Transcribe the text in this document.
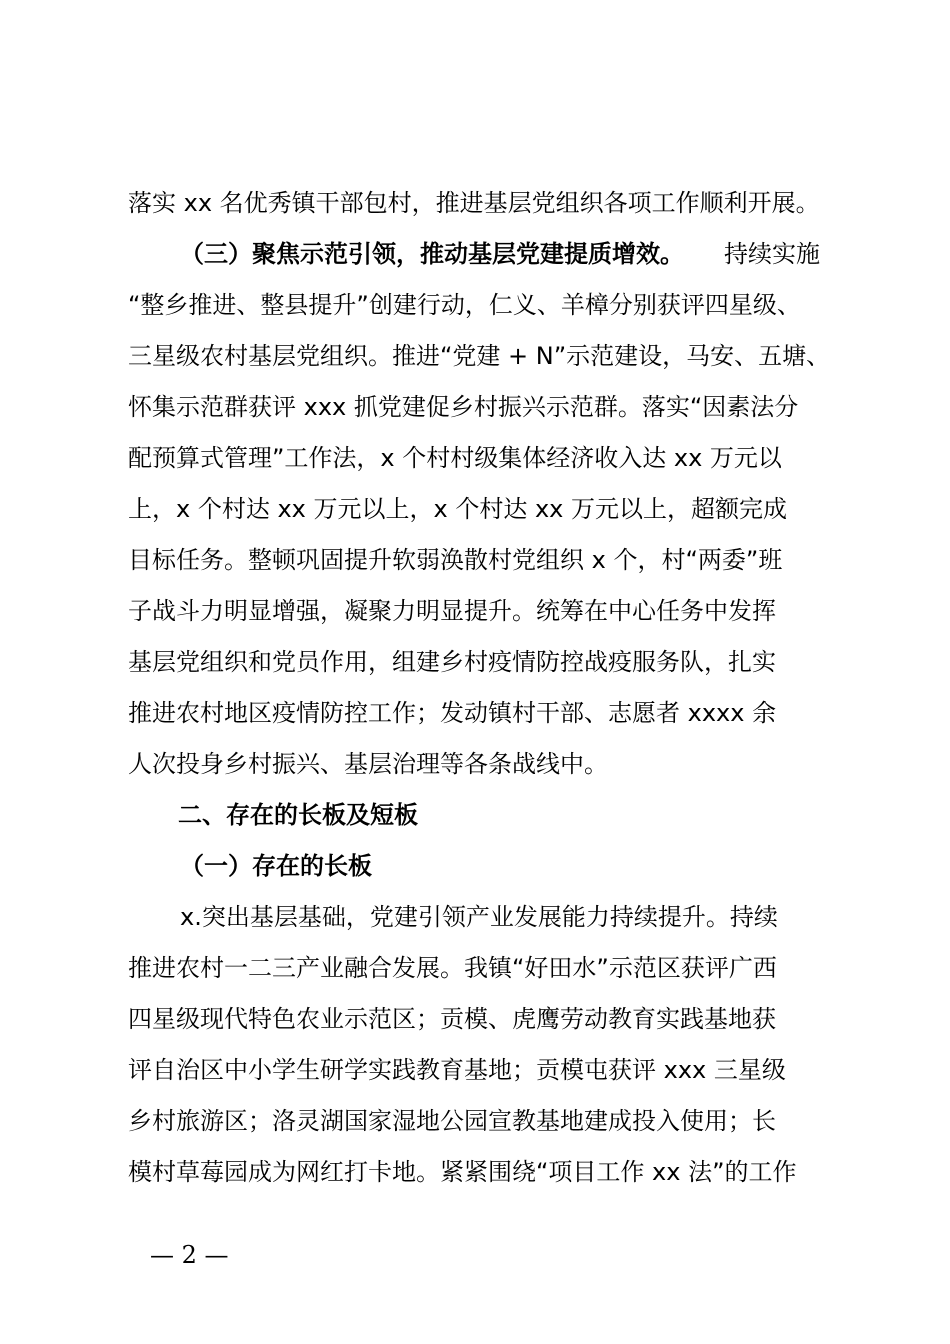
落实 xx 名优秀镇干部包村，推进基层党组织各项工作顺利开展。
（三）聚焦示范引领，推动基层党建提质增效。 持续实施
“整乡推进、整县提升”创建行动，仁义、羊樟分别获评四星级、
三星级农村基层党组织。推进“党建 + N”示范建设，马安、五塘、
怀集示范群获评 xxx 抓党建促乡村振兴示范群。落实“因素法分
配预算式管理”工作法，x 个村村级集体经济收入达 xx 万元以
上，x 个村达 xx 万元以上，x 个村达 xx 万元以上，超额完成
目标任务。整顿巩固提升软弱涣散村党组织 x 个，村“两委”班
子战斗力明显增强，凝聚力明显提升。统筹在中心任务中发挥
基层党组织和党员作用，组建乡村疫情防控战疫服务队，扎实
推进农村地区疫情防控工作；发动镇村干部、志愿者 xxxx 余
人次投身乡村振兴、基层治理等各条战线中。
二、存在的长板及短板
（一）存在的长板
x.突出基层基础，党建引领产业发展能力持续提升。持续
推进农村一二三产业融合发展。我镇“好田水”示范区获评广西
四星级现代特色农业示范区；贡模、虎鹰劳动教育实践基地获
评自治区中小学生研学实践教育基地；贡模屯获评 xxx 三星级
乡村旅游区；洛灵湖国家湿地公园宣教基地建成投入使用；长
模村草莓园成为网红打卡地。紧紧围绕“项目工作 xx 法”的工作
— 2 —
